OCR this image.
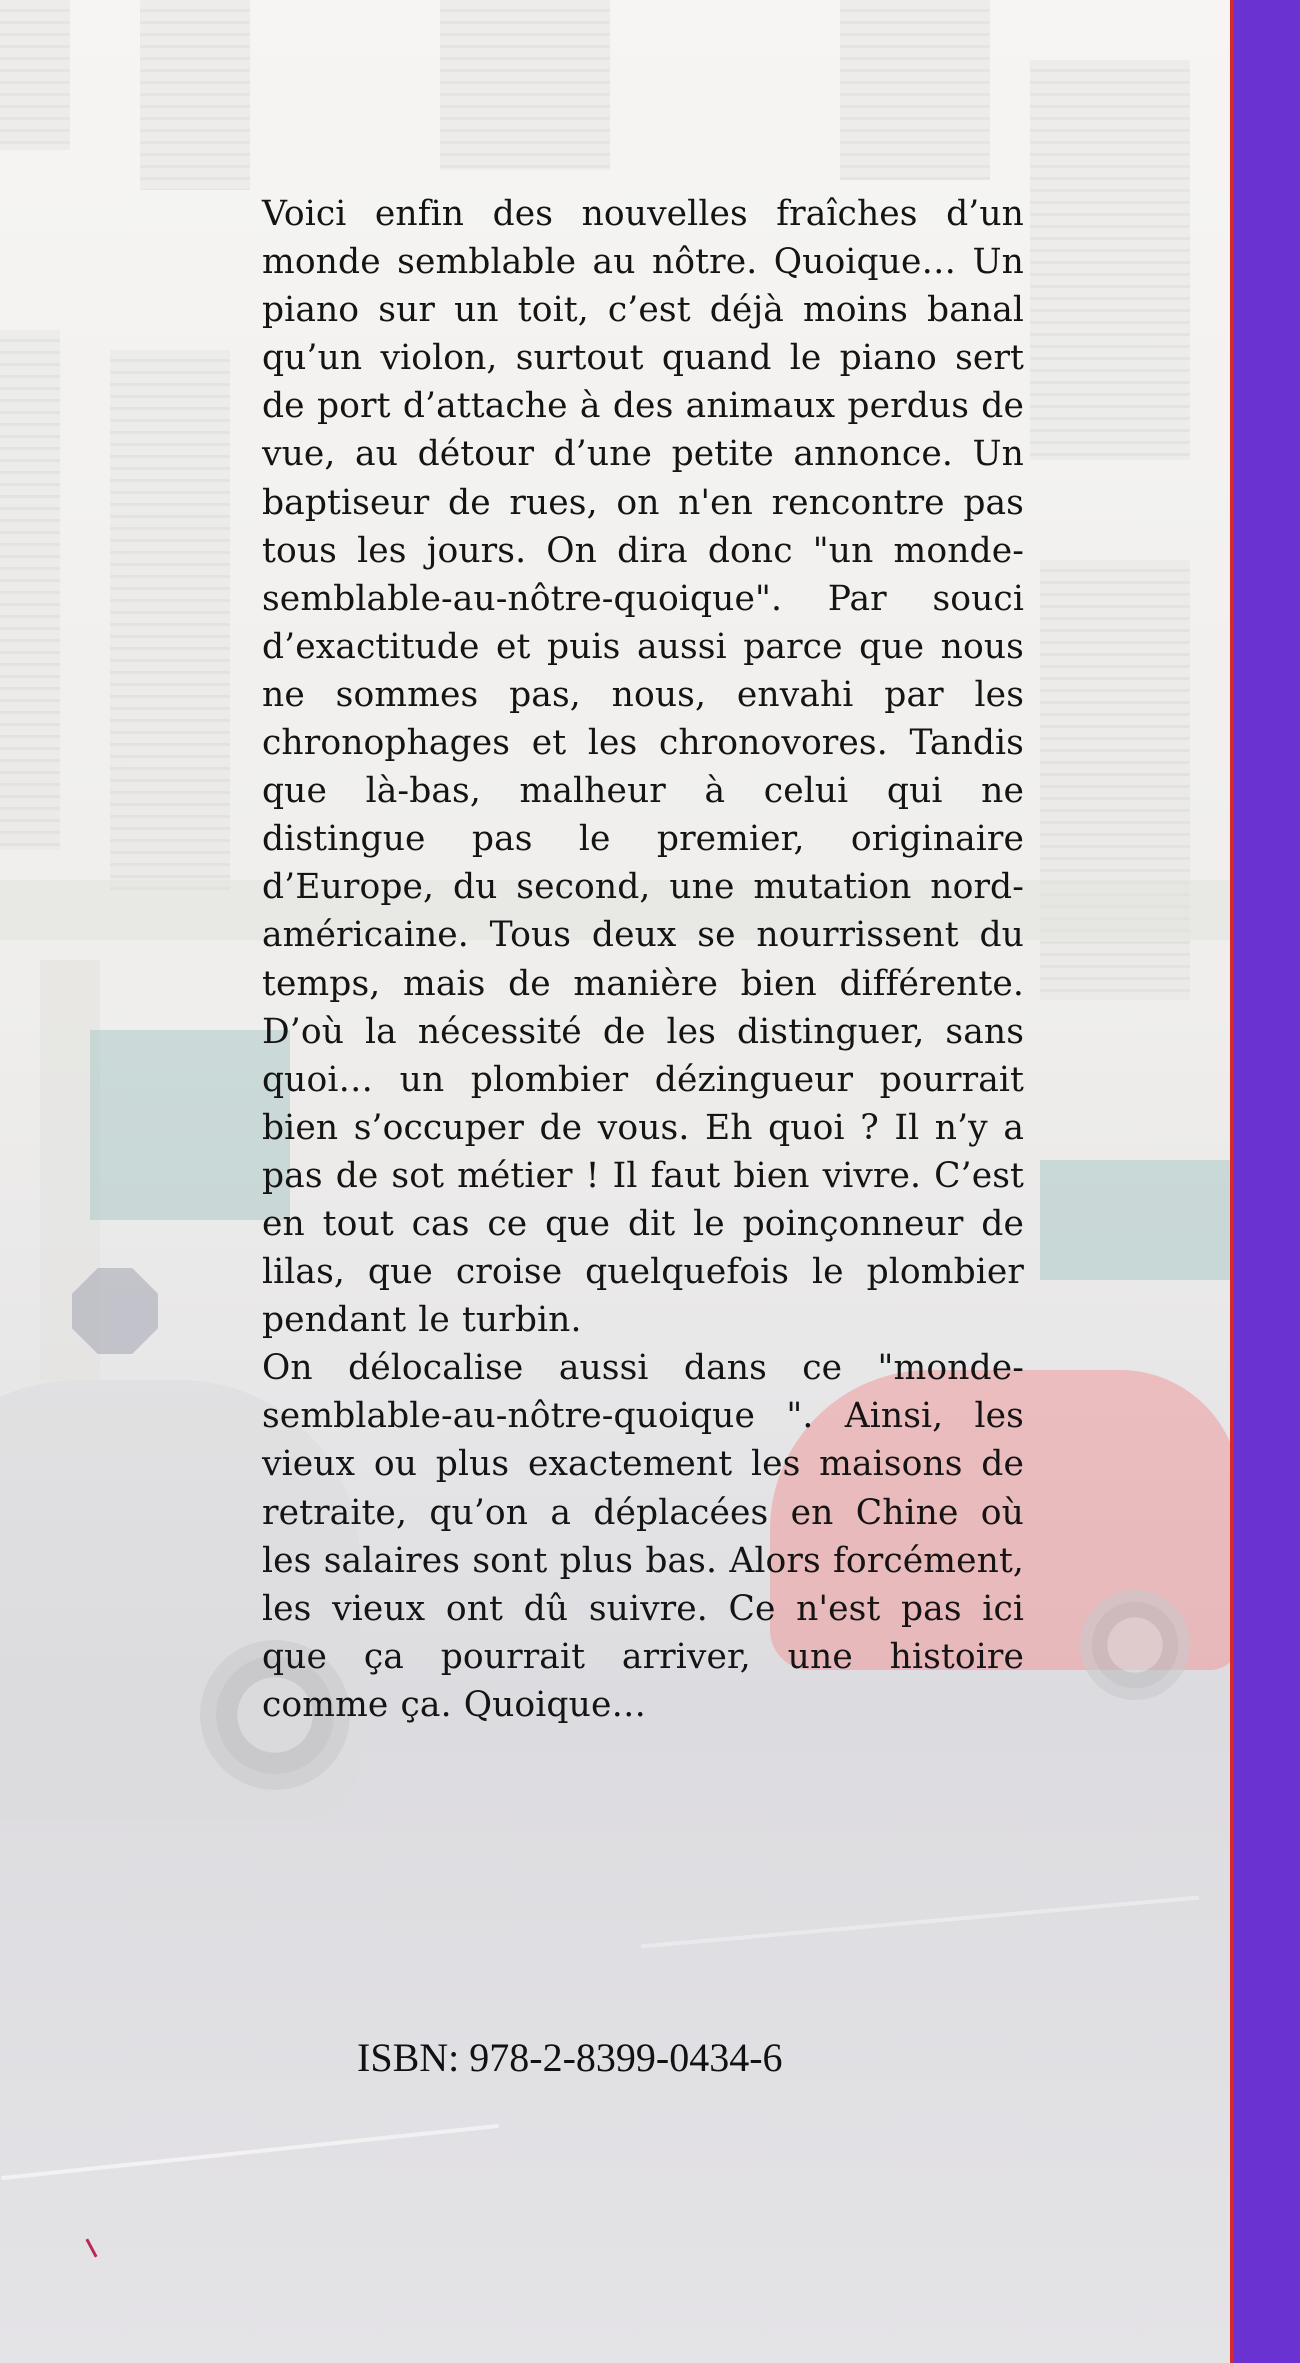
Voici enfin des nouvelles fraîches d’un monde semblable au nôtre. Quoique… Un piano sur un toit, c’est déjà moins banal qu’un violon, surtout quand le piano sert de port d’attache à des animaux perdus de vue, au détour d’une petite annonce. Un baptiseur de rues, on n'en rencontre pas tous les jours. On dira donc "un monde-semblable-au-nôtre-quoique". Par souci d’exactitude et puis aussi parce que nous ne sommes pas, nous, envahi par les chronophages et les chronovores. Tandis que là-bas, malheur à celui qui ne distingue pas le premier, originaire d’Europe, du second, une mutation nord-américaine. Tous deux se nourrissent du temps, mais de manière bien différente. D’où la nécessité de les distinguer, sans quoi… un plombier dézingueur pourrait bien s’occuper de vous. Eh quoi ? Il n’y a pas de sot métier ! Il faut bien vivre. C’est en tout cas ce que dit le poinçonneur de lilas, que croise quelquefois le plombier pendant le turbin.

On délocalise aussi dans ce "monde-semblable-au-nôtre-quoique ". Ainsi, les vieux ou plus exactement les maisons de retraite, qu’on a déplacées en Chine où les salaires sont plus bas. Alors forcément, les vieux ont dû suivre. Ce n'est pas ici que ça pourrait arriver, une histoire comme ça. Quoique…

ISBN: 978-2-8399-0434-6
